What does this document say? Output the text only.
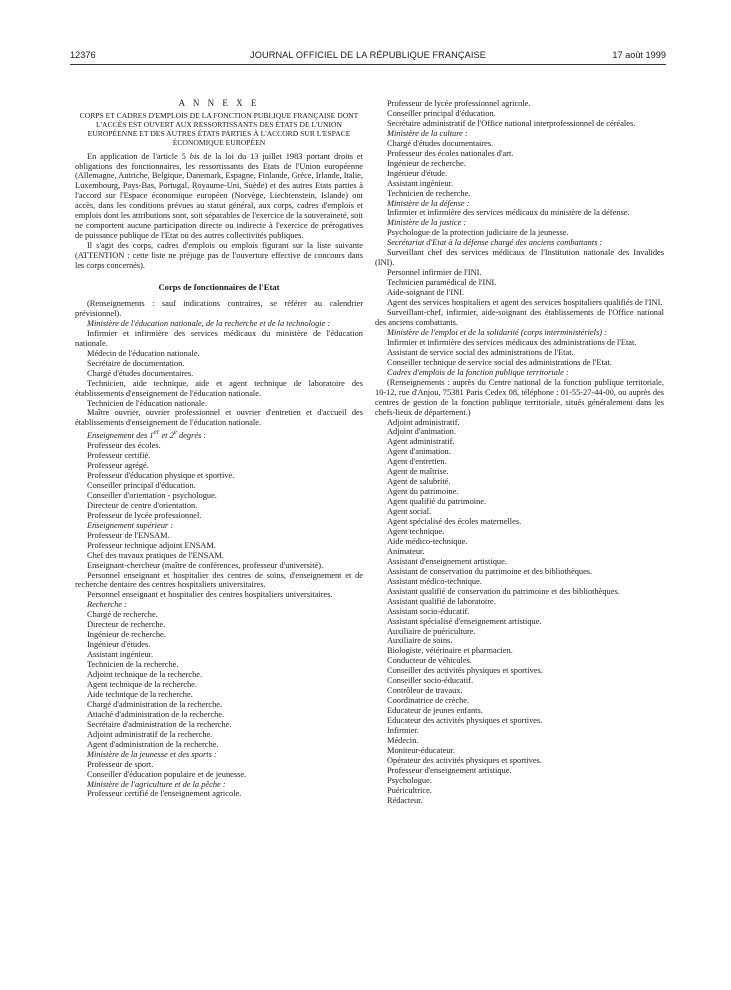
12376	JOURNAL OFFICIEL DE LA RÉPUBLIQUE FRANÇAISE	17 août 1999

A N N E X E

CORPS ET CADRES D'EMPLOIS DE LA FONCTION PUBLIQUE FRANÇAISE DONT L'ACCÈS EST OUVERT AUX RESSORTISSANTS DES ÉTATS DE L'UNION EUROPÉENNE ET DES AUTRES ÉTATS PARTIES À L'ACCORD SUR L'ESPACE ÉCONOMIQUE EUROPÉEN

En application de l'article 5 bis de la loi du 13 juillet 1983 portant droits et obligations des fonctionnaires, les ressortissants des Etats de l'Union européenne (Allemagne, Autriche, Belgique, Danemark, Espagne, Finlande, Grèce, Irlande, Italie, Luxembourg, Pays-Bas, Portugal, Royaume-Uni, Suède) et des autres Etats parties à l'accord sur l'Espace économique européen (Norvège, Liechtenstein, Islande) ont accès, dans les conditions prévues au statut général, aux corps, cadres d'emplois et emplois dont les attributions sont, soit séparables de l'exercice de la souveraineté, soit ne comportent aucune participation directe ou indirecte à l'exercice de prérogatives de puissance publique de l'Etat ou des autres collectivités publiques.

Il s'agit des corps, cadres d'emplois ou emplois figurant sur la liste suivante (ATTENTION : cette liste ne préjuge pas de l'ouverture effective de concours dans les corps concernés).

Corps de fonctionnaires de l'Etat

(Renseignements : sauf indications contraires, se référer au calendrier prévisionnel).

Ministère de l'éducation nationale, de la recherche et de la technologie :

Infirmier et infirmière des services médicaux du ministère de l'éducation nationale.

Médecin de l'éducation nationale.

Secrétaire de documentation.

Chargé d'études documentaires.

Technicien, aide technique, aide et agent technique de laboratoire des établissements d'enseignement de l'éducation nationale.

Technicien de l'éducation nationale.

Maître ouvrier, ouvrier professionnel et ouvrier d'entretien et d'accueil des établissements d'enseignement de l'éducation nationale.

Enseignement des 1er et 2e degrés :

Professeur des écoles.

Professeur certifié.

Professeur agrégé.

Professeur d'éducation physique et sportive.

Conseiller principal d'éducation.

Conseiller d'orientation - psychologue.

Directeur de centre d'orientation.

Professeur de lycée professionnel.

Enseignement supérieur :

Professeur de l'ENSAM.

Professeur technique adjoint ENSAM.

Chef des travaux pratiques de l'ENSAM.

Enseignant-chercheur (maître de conférences, professeur d'université).

Personnel enseignant et hospitalier des centres de soins, d'enseignement et de recherche dentaire des centres hospitaliers universitaires.

Personnel enseignant et hospitalier des centres hospitaliers universitaires.

Recherche :

Chargé de recherche.

Directeur de recherche.

Ingénieur de recherche.

Ingénieur d'études.

Assistant ingénieur.

Technicien de la recherche.

Adjoint technique de la recherche.

Agent technique de la recherche.

Aide technique de la recherche.

Chargé d'administration de la recherche.

Attaché d'administration de la recherche.

Secrétaire d'administration de la recherche.

Adjoint administratif de la recherche.

Agent d'administration de la recherche.

Ministère de la jeunesse et des sports :

Professeur de sport.

Conseiller d'éducation populaire et de jeunesse.

Ministère de l'agriculture et de la pêche :

Professeur certifié de l'enseignement agricole.

Professeur de lycée professionnel agricole.

Conseiller principal d'éducation.

Secrétaire administratif de l'Office national interprofessionnel de céréales.

Ministère de la culture :

Chargé d'études documentaires.

Professeur des écoles nationales d'art.

Ingénieur de recherche.

Ingénieur d'étude.

Assistant ingénieur.

Technicien de recherche.

Ministère de la défense :

Infirmier et infirmière des services médicaux du ministère de la défense.

Ministère de la justice :

Psychologue de la protection judiciaire de la jeunesse.

Secrétariat d'Etat à la défense chargé des anciens combattants :

Surveillant chef des services médicaux de l'Institution nationale des Invalides (INI).

Personnel infirmier de l'INI.

Technicien paramédical de l'INI.

Aide-soignant de l'INI.

Agent des services hospitaliers et agent des services hospitaliers qualifiés de l'INI.

Surveillant-chef, infirmier, aide-soignant des établissements de l'Office national des anciens combattants.

Ministère de l'emploi et de la solidarité (corps interministériels) :

Infirmier et infirmière des services médicaux des administrations de l'Etat.

Assistant de service social des administrations de l'Etat.

Conseiller technique de service social des administrations de l'Etat.

Cadres d'emplois de la fonction publique territoriale :

(Renseignements : auprès du Centre national de la fonction publique territoriale, 10-12, rue d'Anjou, 75381 Paris Cedex 08, téléphone : 01-55-27-44-00, ou auprès des centres de gestion de la fonction publique territoriale, situés généralement dans les chefs-lieux de département.)

Adjoint administratif.

Adjoint d'animation.

Agent administratif.

Agent d'animation.

Agent d'entretien.

Agent de maîtrise.

Agent de salubrité.

Agent du patrimoine.

Agent qualifié du patrimoine.

Agent social.

Agent spécialisé des écoles maternelles.

Agent technique.

Aide médico-technique.

Animateur.

Assistant d'enseignement artistique.

Assistant de conservation du patrimoine et des bibliothèques.

Assistant médico-technique.

Assistant qualifié de conservation du patrimoine et des bibliothèques.

Assistant qualifié de laboratoire.

Assistant socio-éducatif.

Assistant spécialisé d'enseignement artistique.

Auxiliaire de puériculture.

Auxiliaire de soins.

Biologiste, vétérinaire et pharmacien.

Conducteur de véhicules.

Conseiller des activités physiques et sportives.

Conseiller socio-éducatif.

Contrôleur de travaux.

Coordinatrice de crèche.

Educateur de jeunes enfants.

Educateur des activités physiques et sportives.

Infirmier.

Médecin.

Moniteur-éducateur.

Opérateur des activités physiques et sportives.

Professeur d'enseignement artistique.

Psychologue.

Puéricultrice.

Rédacteur.
